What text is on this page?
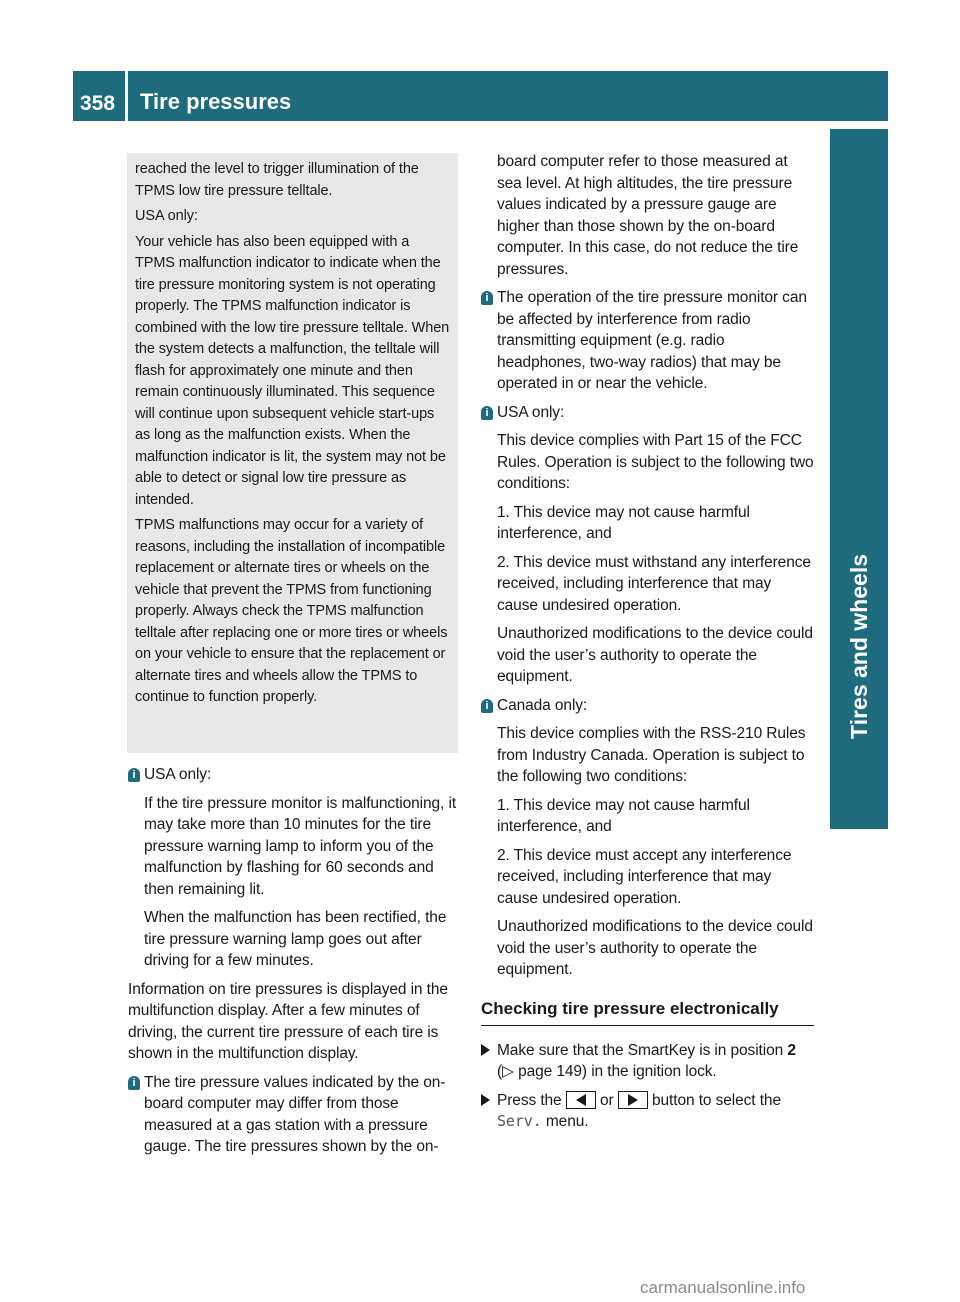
358 Tire pressures
Tires and wheels

reached the level to trigger illumination of the TPMS low tire pressure telltale.

USA only:

Your vehicle has also been equipped with a TPMS malfunction indicator to indicate when the tire pressure monitoring system is not operating properly. The TPMS malfunction indicator is combined with the low tire pressure telltale. When the system detects a malfunction, the telltale will flash for approximately one minute and then remain continuously illuminated. This sequence will continue upon subsequent vehicle start-ups as long as the malfunction exists. When the malfunction indicator is lit, the system may not be able to detect or signal low tire pressure as intended.

TPMS malfunctions may occur for a variety of reasons, including the installation of incompatible replacement or alternate tires or wheels on the vehicle that prevent the TPMS from functioning properly. Always check the TPMS malfunction telltale after replacing one or more tires or wheels on your vehicle to ensure that the replacement or alternate tires and wheels allow the TPMS to continue to function properly.

i USA only:

If the tire pressure monitor is malfunctioning, it may take more than 10 minutes for the tire pressure warning lamp to inform you of the malfunction by flashing for 60 seconds and then remaining lit.

When the malfunction has been rectified, the tire pressure warning lamp goes out after driving for a few minutes.

Information on tire pressures is displayed in the multifunction display. After a few minutes of driving, the current tire pressure of each tire is shown in the multifunction display.

i The tire pressure values indicated by the on-board computer may differ from those measured at a gas station with a pressure gauge. The tire pressures shown by the on-

board computer refer to those measured at sea level. At high altitudes, the tire pressure values indicated by a pressure gauge are higher than those shown by the on-board computer. In this case, do not reduce the tire pressures.

i The operation of the tire pressure monitor can be affected by interference from radio transmitting equipment (e.g. radio headphones, two-way radios) that may be operated in or near the vehicle.

i USA only:

This device complies with Part 15 of the FCC Rules. Operation is subject to the following two conditions:

1. This device may not cause harmful interference, and

2. This device must withstand any interference received, including interference that may cause undesired operation.

Unauthorized modifications to the device could void the user’s authority to operate the equipment.

i Canada only:

This device complies with the RSS-210 Rules from Industry Canada. Operation is subject to the following two conditions:

1. This device may not cause harmful interference, and

2. This device must accept any interference received, including interference that may cause undesired operation.

Unauthorized modifications to the device could void the user’s authority to operate the equipment.

Checking tire pressure electronically

Make sure that the SmartKey is in position 2 (▷ page 149) in the ignition lock.

Press the  or  button to select the Serv. menu.

carmanualsonline.info
